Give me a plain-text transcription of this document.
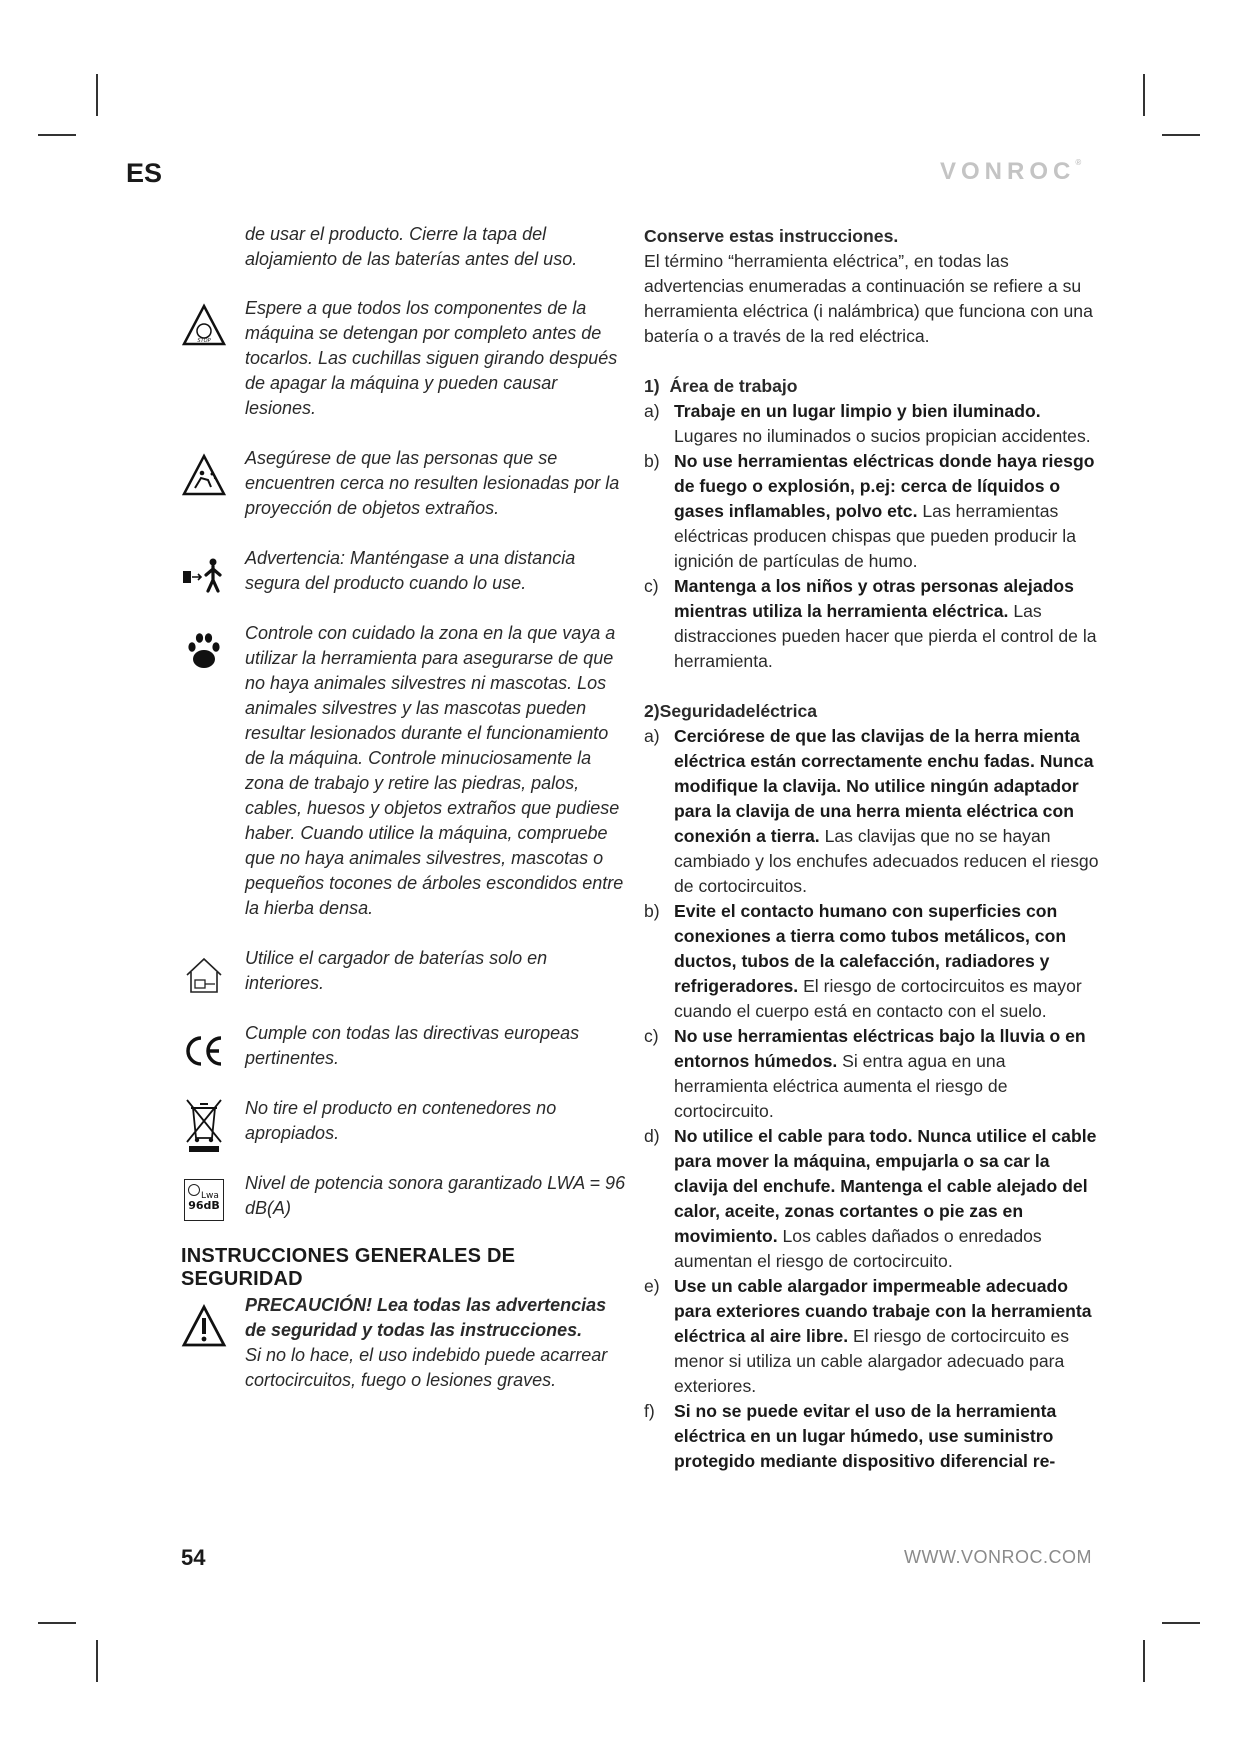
ES	VONROC®

de usar el producto. Cierre la tapa del alojamiento de las baterías antes del uso.

STOP

Espere a que todos los componentes de la máquina se detengan por completo antes de tocarlos. Las cuchillas siguen girando después de apagar la máquina y pueden causar lesiones.

Asegúrese de que las personas que se encuentren cerca no resulten lesionadas por la proyección de objetos extraños.

Advertencia: Manténgase a una distancia segura del producto cuando lo use.

Controle con cuidado la zona en la que vaya a utilizar la herramienta para asegurarse de que no haya animales silvestres ni mascotas. Los animales silvestres y las mascotas pueden resultar lesionados durante el funcionamiento de la máquina. Controle minuciosamente la zona de trabajo y retire las piedras, palos, cables, huesos y objetos extraños que pudiese haber. Cuando utilice la máquina, compruebe que no haya animales silvestres, mascotas o pequeños tocones de árboles escondidos entre la hierba densa.

Utilice el cargador de baterías solo en interiores.

Cumple con todas las directivas europeas pertinentes.

No tire el producto en contenedores no apropiados.

Lwa
96dB

Nivel de potencia sonora garantizado LWA = 96 dB(A)

INSTRUCCIONES GENERALES DE SEGURIDAD

PRECAUCIÓN! Lea todas las advertencias de seguridad y todas las instrucciones.

Si no lo hace, el uso indebido puede acarrear cortocircuitos, fuego o lesiones graves.

Conserve estas instrucciones.

El término “herramienta eléctrica”, en todas las advertencias enumeradas a continuación se refiere a su herramienta eléctrica (i nalámbrica) que funciona con una batería o a través de la red eléctrica.

1) Área de trabajo

a) Trabaje en un lugar limpio y bien iluminado. Lugares no iluminados o sucios propician accidentes.

b) No use herramientas eléctricas donde haya riesgo de fuego o explosión, p.ej: cerca de líquidos o gases inflamables, polvo etc. Las herramientas eléctricas producen chispas que pueden producir la ignición de partículas de humo.

c) Mantenga a los niños y otras personas alejados mientras utiliza la herramienta eléctrica. Las distracciones pueden hacer que pierda el control de la herramienta.

2)Seguridadeléctrica

a) Cerciórese de que las clavijas de la herra mienta eléctrica están correctamente enchu fadas. Nunca modifique la clavija. No utilice ningún adaptador para la clavija de una herra mienta eléctrica con conexión a tierra. Las clavijas que no se hayan cambiado y los enchufes adecuados reducen el riesgo de cortocircuitos.

b) Evite el contacto humano con superficies con conexiones a tierra como tubos metálicos, con ductos, tubos de la calefacción, radiadores y refrigeradores. El riesgo de cortocircuitos es mayor cuando el cuerpo está en contacto con el suelo.

c) No use herramientas eléctricas bajo la lluvia o en entornos húmedos. Si entra agua en una herramienta eléctrica aumenta el riesgo de cortocircuito.

d) No utilice el cable para todo. Nunca utilice el cable para mover la máquina, empujarla o sa car la clavija del enchufe. Mantenga el cable alejado del calor, aceite, zonas cortantes o pie zas en movimiento. Los cables dañados o enredados aumentan el riesgo de cortocircuito.

e) Use un cable alargador impermeable adecuado para exteriores cuando trabaje con la herramienta eléctrica al aire libre. El riesgo de cortocircuito es menor si utiliza un cable alargador adecuado para exteriores.

f) Si no se puede evitar el uso de la herramienta eléctrica en un lugar húmedo, use suministro protegido mediante dispositivo diferencial re-

54	WWW.VONROC.COM
